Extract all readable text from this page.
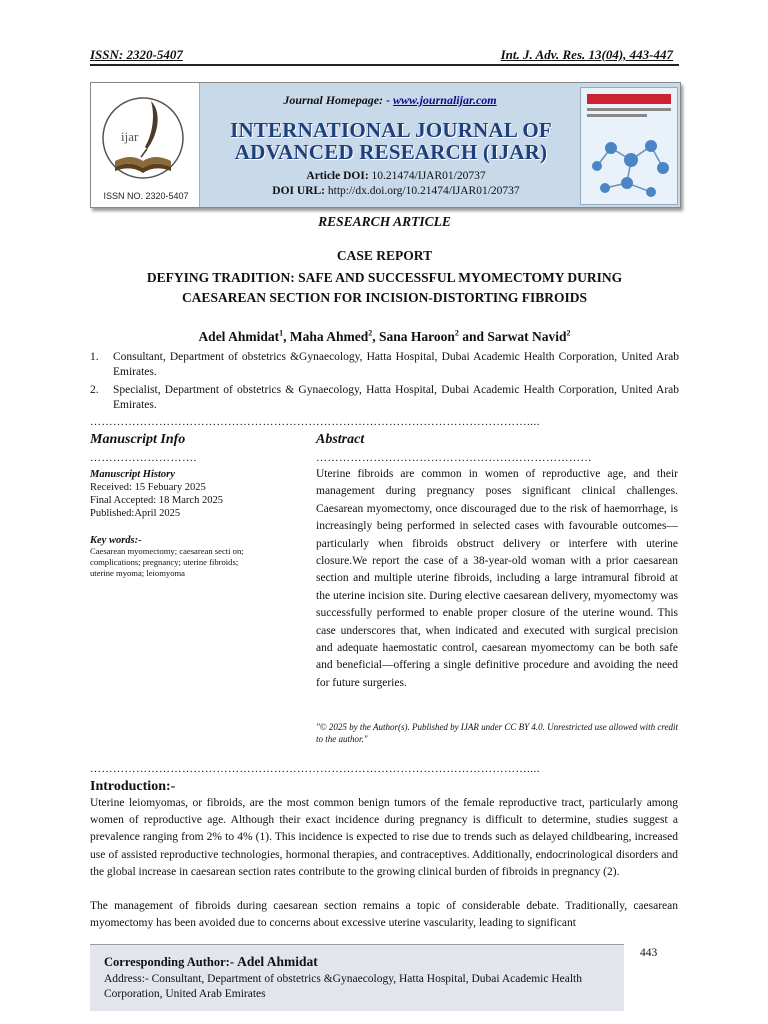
ISSN: 2320-5407	Int. J. Adv. Res. 13(04), 443-447
ijar
ISSN NO. 2320-5407
Journal Homepage: - www.journalijar.com
INTERNATIONAL JOURNAL OF
ADVANCED RESEARCH (IJAR)
Article DOI: 10.21474/IJAR01/20737
DOI URL: http://dx.doi.org/10.21474/IJAR01/20737
RESEARCH ARTICLE
CASE REPORT
DEFYING TRADITION: SAFE AND SUCCESSFUL MYOMECTOMY DURING
CAESAREAN SECTION FOR INCISION-DISTORTING FIBROIDS
Adel Ahmidat$^1$, Maha Ahmed$^2$, Sana Haroon$^2$ and Sarwat Navid$^2$
1.	Consultant, Department of obstetrics &Gynaecology, Hatta Hospital, Dubai Academic Health Corporation, United Arab Emirates.
2.	Specialist, Department of obstetrics & Gynaecology, Hatta Hospital, Dubai Academic Health Corporation, United Arab Emirates.
……………………………………………………………………………………………………....
Manuscript Info
……………………….
Manuscript History
Received: 15 Febuary 2025
Final Accepted: 18 March 2025
Published:April 2025
Key words:-
Caesarean myomectomy; caesarean secti on; complications; pregnancy; uterine fibroids; uterine myoma; leiomyoma
Abstract
………………………………………………………………
Uterine fibroids are common in women of reproductive age, and their management during pregnancy poses significant clinical challenges. Caesarean myomectomy, once discouraged due to the risk of haemorrhage, is increasingly being performed in selected cases with favourable outcomes—particularly when fibroids obstruct delivery or interfere with uterine closure.We report the case of a 38-year-old woman with a prior caesarean section and multiple uterine fibroids, including a large intramural fibroid at the uterine incision site. During elective caesarean delivery, myomectomy was successfully performed to enable proper closure of the uterine wound. This case underscores that, when indicated and executed with surgical precision and adequate haemostatic control, caesarean myomectomy can be both safe and beneficial—offering a single definitive procedure and avoiding the need for future surgeries.
"© 2025 by the Author(s). Published by IJAR under CC BY 4.0. Unrestricted use allowed with credit to the author."
……………………………………………………………………………………………………....
Introduction:-
Uterine leiomyomas, or fibroids, are the most common benign tumors of the female reproductive tract, particularly among women of reproductive age. Although their exact incidence during pregnancy is difficult to determine, studies suggest a prevalence ranging from 2% to 4% (1). This incidence is expected to rise due to trends such as delayed childbearing, increased use of assisted reproductive technologies, hormonal therapies, and contraceptives. Additionally, endocrinological disorders and the global increase in caesarean section rates contribute to the growing clinical burden of fibroids in pregnancy (2).
The management of fibroids during caesarean section remains a topic of considerable debate. Traditionally, caesarean myomectomy has been avoided due to concerns about excessive uterine vascularity, leading to significant
Corresponding Author:- Adel Ahmidat
Address:- Consultant, Department of obstetrics &Gynaecology, Hatta Hospital, Dubai Academic Health Corporation, United Arab Emirates
443
